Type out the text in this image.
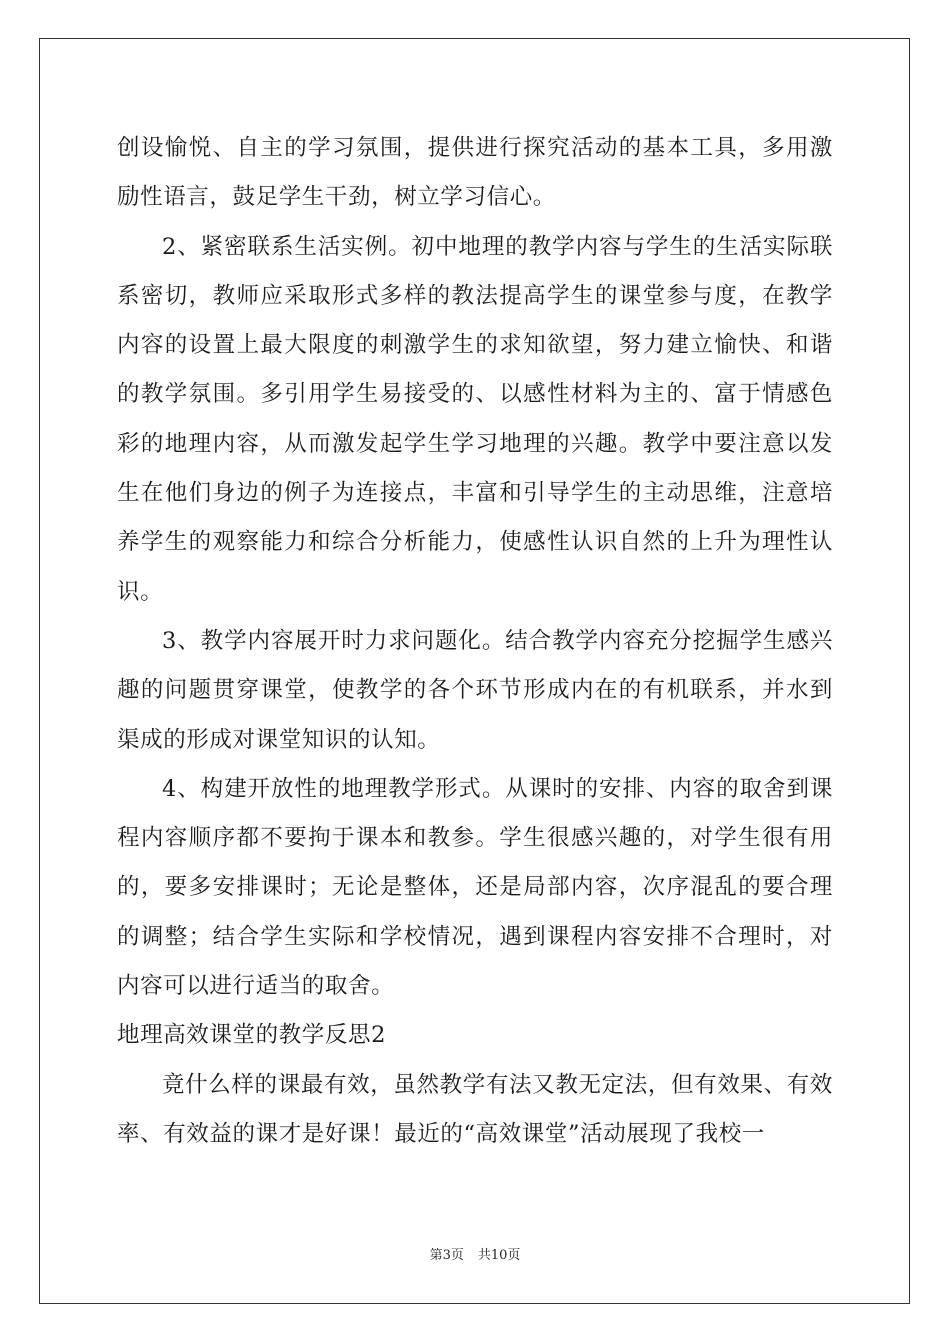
创设愉悦、自主的学习氛围，提供进行探究活动的基本工具，多用激励性语言，鼓足学生干劲，树立学习信心。

2、紧密联系生活实例。初中地理的教学内容与学生的生活实际联系密切，教师应采取形式多样的教法提高学生的课堂参与度，在教学内容的设置上最大限度的刺激学生的求知欲望，努力建立愉快、和谐的教学氛围。多引用学生易接受的、以感性材料为主的、富于情感色彩的地理内容，从而激发起学生学习地理的兴趣。教学中要注意以发生在他们身边的例子为连接点，丰富和引导学生的主动思维，注意培养学生的观察能力和综合分析能力，使感性认识自然的上升为理性认识。

3、教学内容展开时力求问题化。结合教学内容充分挖掘学生感兴趣的问题贯穿课堂，使教学的各个环节形成内在的有机联系，并水到渠成的形成对课堂知识的认知。

4、构建开放性的地理教学形式。从课时的安排、内容的取舍到课程内容顺序都不要拘于课本和教参。学生很感兴趣的，对学生很有用的，要多安排课时；无论是整体，还是局部内容，次序混乱的要合理的调整；结合学生实际和学校情况，遇到课程内容安排不合理时，对内容可以进行适当的取舍。

地理高效课堂的教学反思2

竟什么样的课最有效，虽然教学有法又教无定法，但有效果、有效率、有效益的课才是好课！最近的“高效课堂”活动展现了我校一

第3页 共10页
